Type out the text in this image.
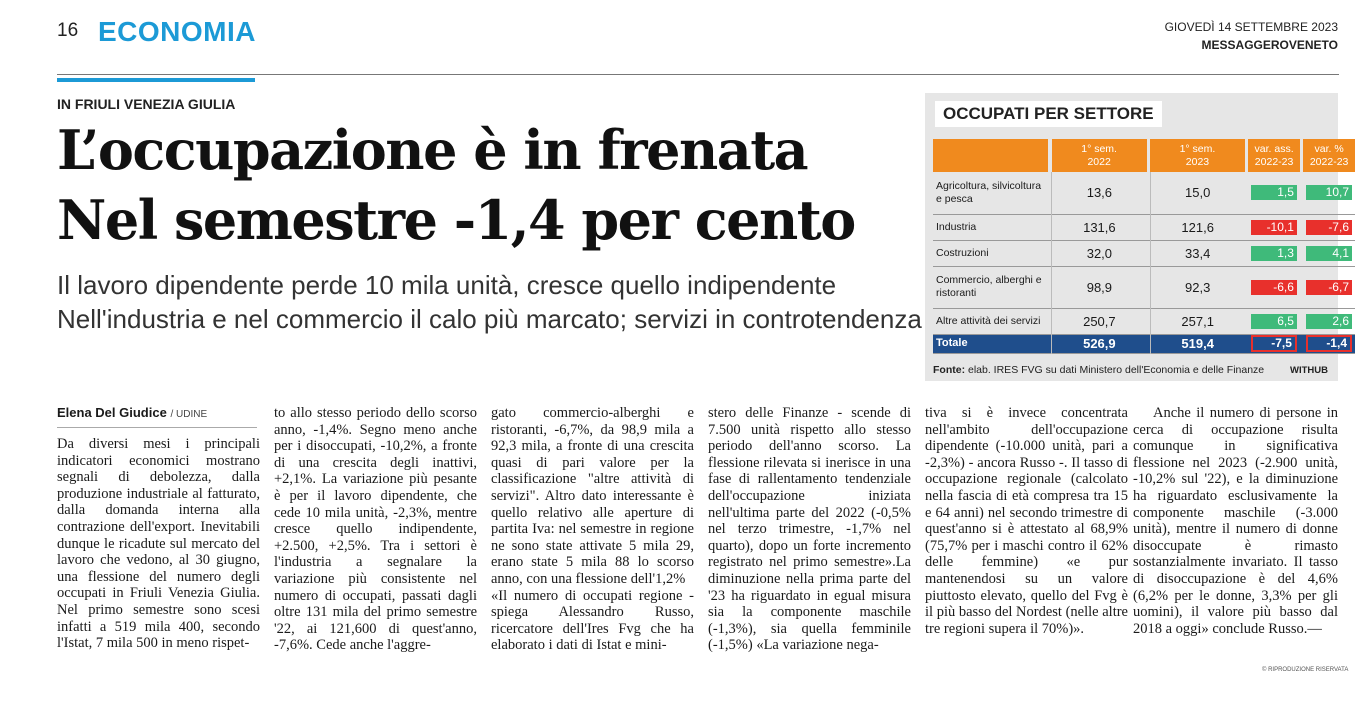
16 ECONOMIA	GIOVEDÌ 14 SETTEMBRE 2023
MESSAGGEROVENETO
IN FRIULI VENEZIA GIULIA
L’occupazione è in frenata
Nel semestre -1,4 per cento
Il lavoro dipendente perde 10 mila unità, cresce quello indipendente
Nell'industria e nel commercio il calo più marcato; servizi in controtendenza
OCCUPATI PER SETTORE
		1° sem. 2022		1° sem. 2023		var. ass. 2022-23		var. % 2022-23
Agricoltura, silvicoltura e pesca		13,6		15,0		1,5		10,7

Industria		131,6		121,6		-10,1		-7,6

Costruzioni		32,0		33,4		1,3		4,1

Commercio, alberghi e ristoranti		98,9		92,3		-6,6		-6,7

Altre attività dei servizi		250,7		257,1		6,5		2,6

Totale		526,9		519,4		-7,5		-1,4
Fonte: elab. IRES FVG su dati Ministero dell'Economia e delle Finanze	WITHUB
Elena Del Giudice / UDINE
Da diversi mesi i principali indicatori economici mostrano segnali di debolezza, dalla produzione industriale al fatturato, dalla domanda interna alla contrazione dell'export. Inevitabili dunque le ricadute sul mercato del lavoro che vedono, al 30 giugno, una flessione del numero degli occupati in Friuli Venezia Giulia. Nel primo semestre sono scesi infatti a 519 mila 400, secondo l'Istat, 7 mila 500 in meno rispet-
to allo stesso periodo dello scorso anno, -1,4%. Segno meno anche per i disoccupati, -10,2%, a fronte di una crescita degli inattivi, +2,1%. La variazione più pesante è per il lavoro dipendente, che cede 10 mila unità, -2,3%, mentre cresce quello indipendente, +2.500, +2,5%. Tra i settori è l'industria a segnalare la variazione più consistente nel numero di occupati, passati dagli oltre 131 mila del primo semestre '22, ai 121,600 di quest'anno, -7,6%. Cede anche l'aggre-
gato commercio-alberghi e ristoranti, -6,7%, da 98,9 mila a 92,3 mila, a fronte di una crescita quasi di pari valore per la classificazione "altre attività di servizi". Altro dato interessante è quello relativo alle aperture di partita Iva: nel semestre in regione ne sono state attivate 5 mila 29, erano state 5 mila 88 lo scorso anno, con una flessione dell'1,2%
«Il numero di occupati regione - spiega Alessandro Russo, ricercatore dell'Ires Fvg che ha elaborato i dati di Istat e mini-
stero delle Finanze - scende di 7.500 unità rispetto allo stesso periodo dell'anno scorso. La flessione rilevata si inerisce in una fase di rallentamento tendenziale dell'occupazione iniziata nell'ultima parte del 2022 (-0,5% nel terzo trimestre, -1,7% nel quarto), dopo un forte incremento registrato nel primo semestre».La diminuzione nella prima parte del '23 ha riguardato in egual misura sia la componente maschile (-1,3%), sia quella femminile (-1,5%) «La variazione nega-
tiva si è invece concentrata nell'ambito dell'occupazione dipendente (-10.000 unità, pari a -2,3%) - ancora Russo -. Il tasso di occupazione regionale (calcolato nella fascia di età compresa tra 15 e 64 anni) nel secondo trimestre di quest'anno si è attestato al 68,9% (75,7% per i maschi contro il 62% delle femmine) «e pur mantenendosi su un valore piuttosto elevato, quello del Fvg è il più basso del Nordest (nelle altre tre regioni supera il 70%)».
Anche il numero di persone in cerca di occupazione risulta comunque in significativa flessione nel 2023 (-2.900 unità, -10,2% sul '22), e la diminuzione ha riguardato esclusivamente la componente maschile (-3.000 unità), mentre il numero di donne disoccupate è rimasto sostanzialmente invariato. Il tasso di disoccupazione è del 4,6% (6,2% per le donne, 3,3% per gli uomini), il valore più basso dal 2018 a oggi» conclude Russo.—
© RIPRODUZIONE RISERVATA
